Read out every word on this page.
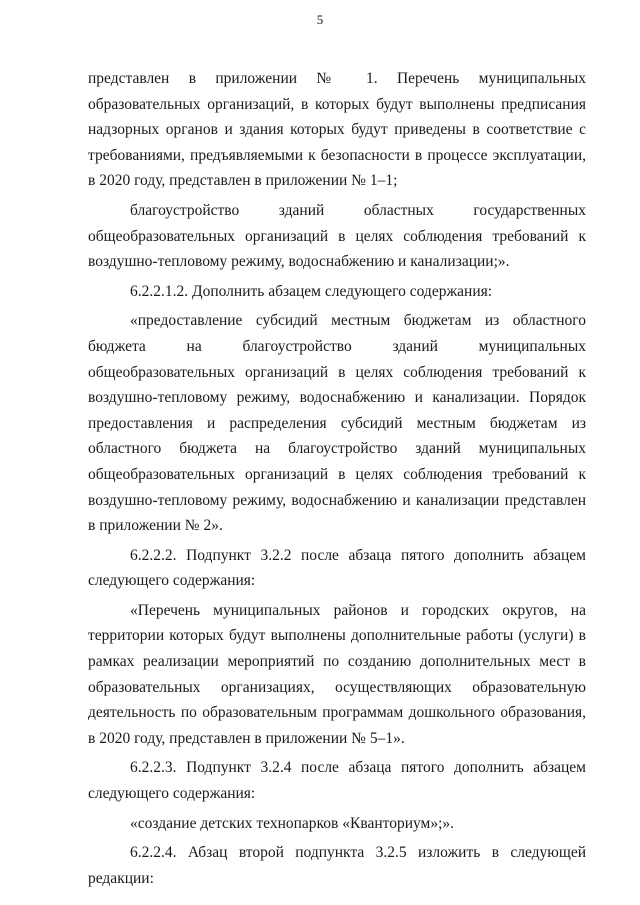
5

представлен в приложении № 1. Перечень муниципальных образовательных организаций, в которых будут выполнены предписания надзорных органов и здания которых будут приведены в соответствие с требованиями, предъявляемыми к безопасности в процессе эксплуатации, в 2020 году, представлен в приложении № 1–1;

благоустройство зданий областных государственных общеобразовательных организаций в целях соблюдения требований к воздушно-тепловому режиму, водоснабжению и канализации;».

6.2.2.1.2. Дополнить абзацем следующего содержания:

«предоставление субсидий местным бюджетам из областного бюджета на благоустройство зданий муниципальных общеобразовательных организаций в целях соблюдения требований к воздушно-тепловому режиму, водоснабжению и канализации. Порядок предоставления и распределения субсидий местным бюджетам из областного бюджета на благоустройство зданий муниципальных общеобразовательных организаций в целях соблюдения требований к воздушно-тепловому режиму, водоснабжению и канализации представлен в приложении № 2».

6.2.2.2. Подпункт 3.2.2 после абзаца пятого дополнить абзацем следующего содержания:

«Перечень муниципальных районов и городских округов, на территории которых будут выполнены дополнительные работы (услуги) в рамках реализации мероприятий по созданию дополнительных мест в образовательных организациях, осуществляющих образовательную деятельность по образовательным программам дошкольного образования, в 2020 году, представлен в приложении № 5–1».

6.2.2.3. Подпункт 3.2.4 после абзаца пятого дополнить абзацем следующего содержания:

«создание детских технопарков «Кванториум»;».

6.2.2.4. Абзац второй подпункта 3.2.5 изложить в следующей редакции:
